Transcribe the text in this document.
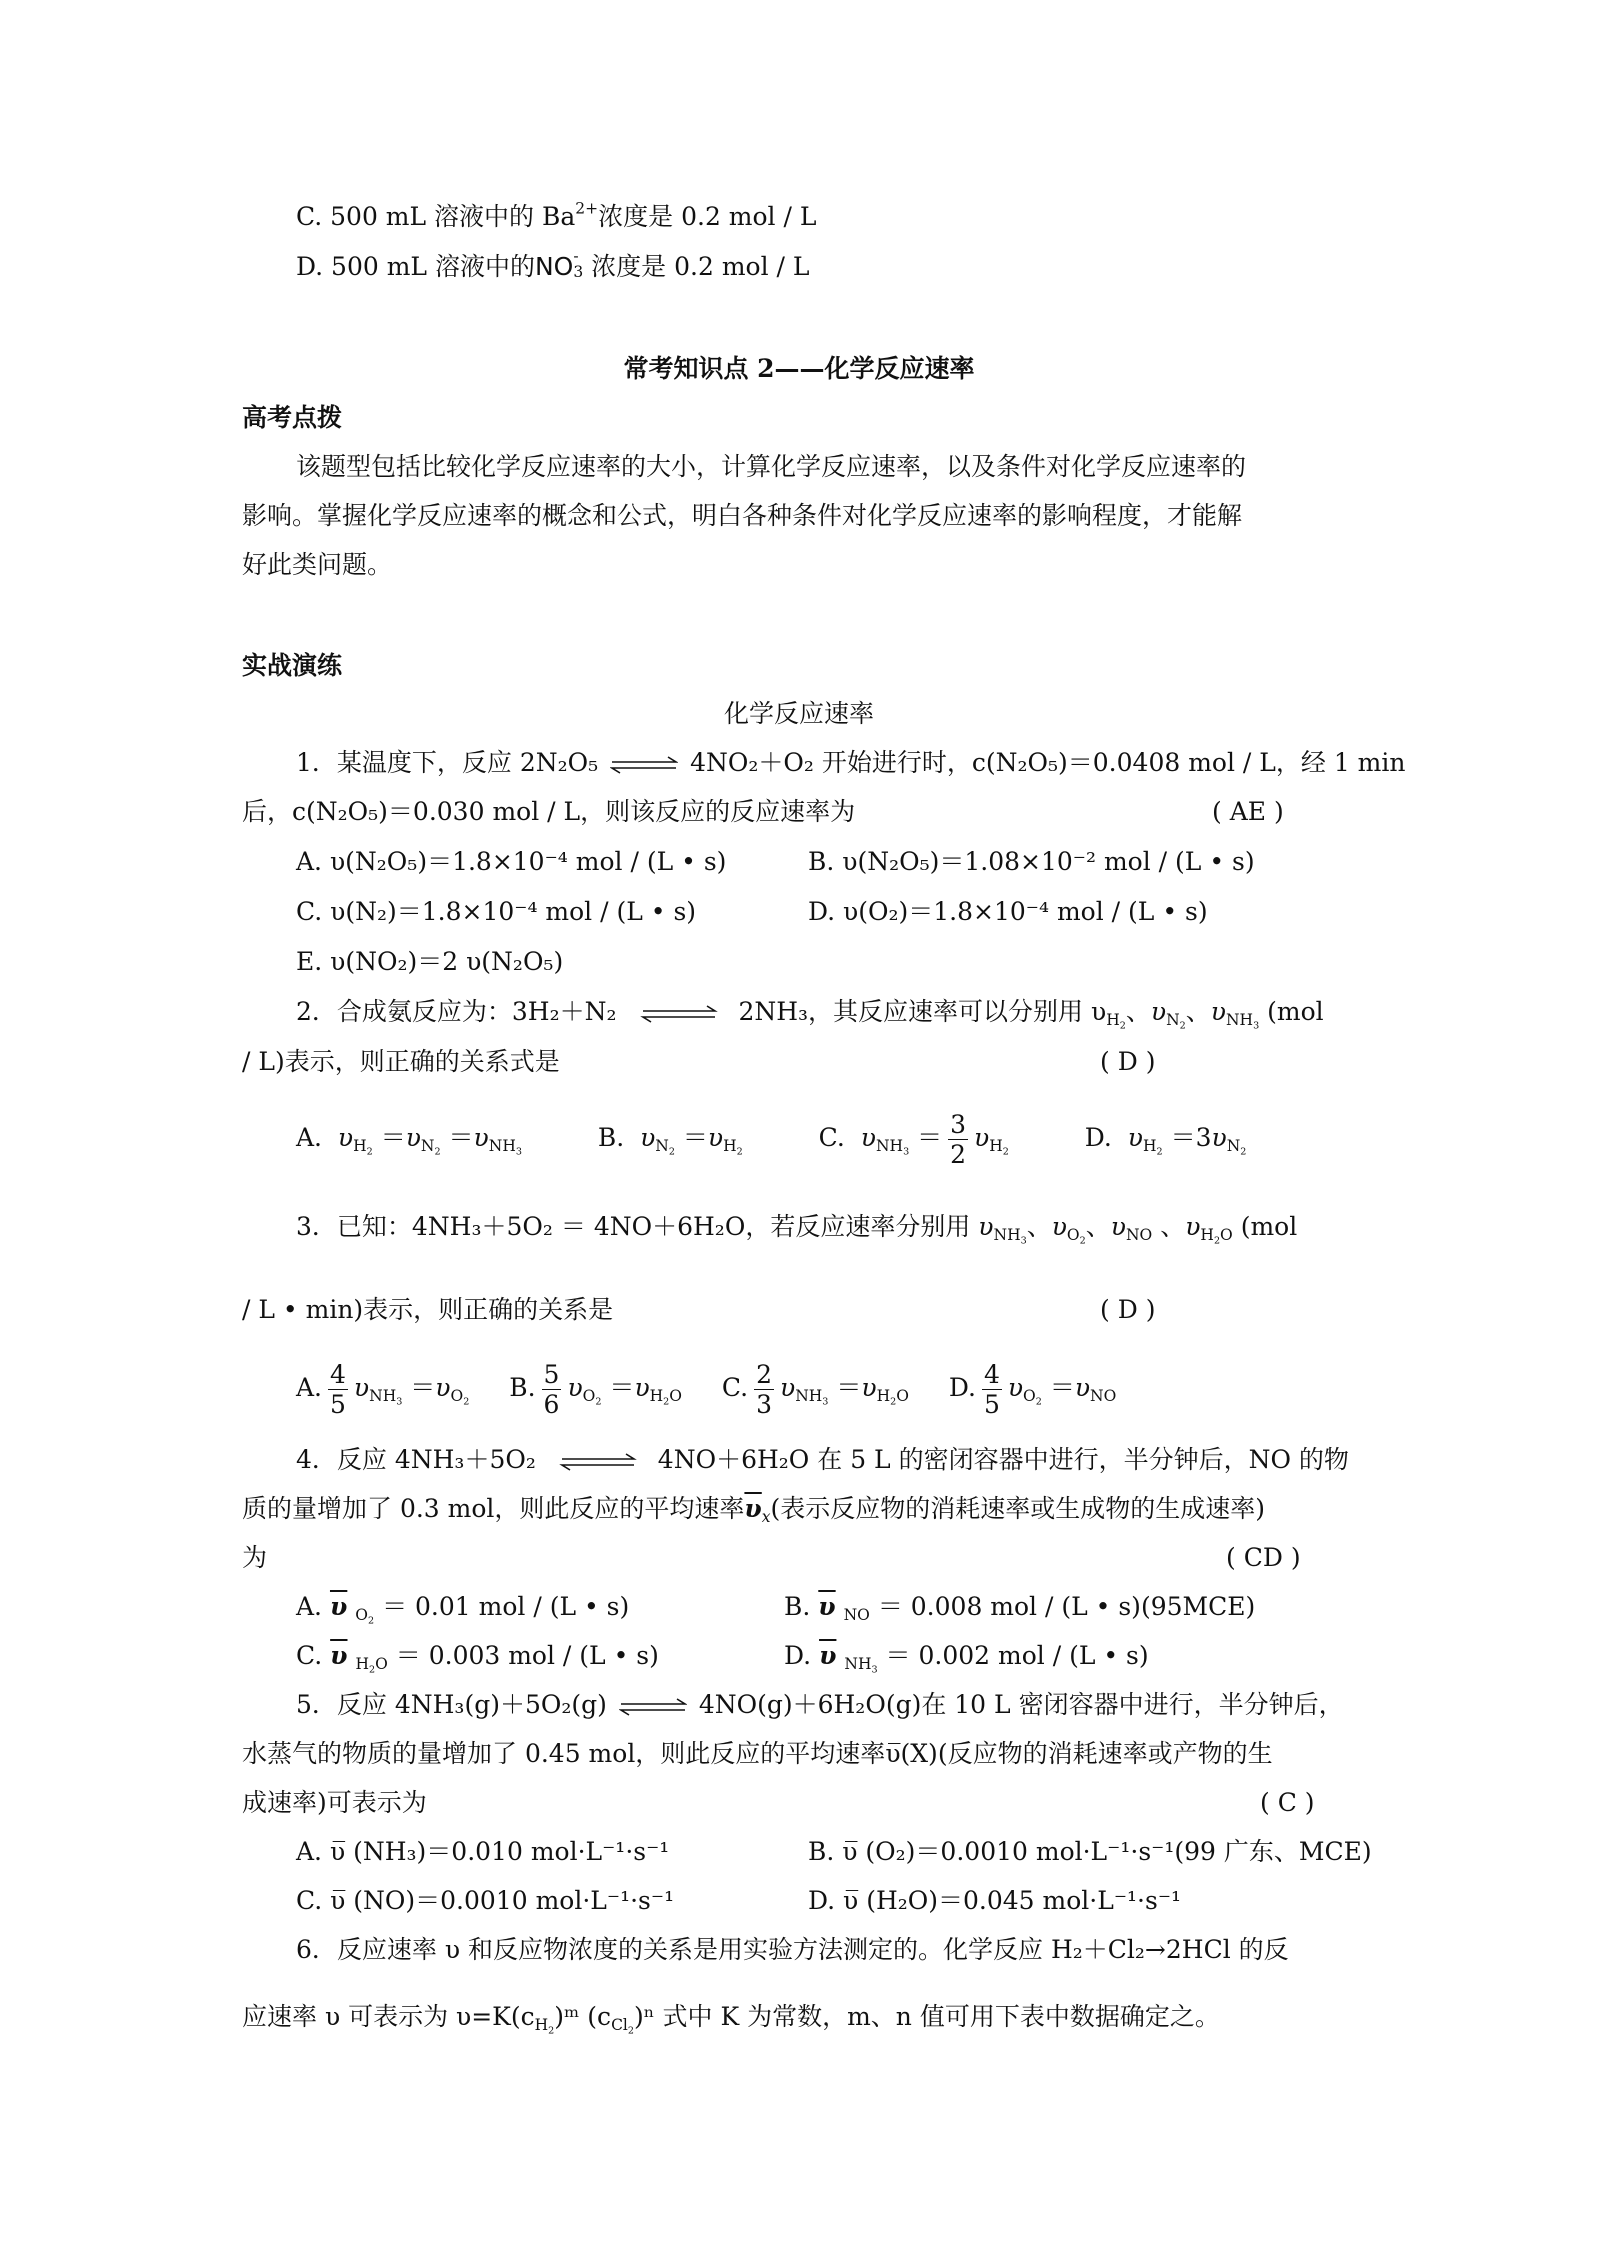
C. 500 mL 溶液中的 $Ba^{2+}$浓度是 0.2 mol / L
D. 500 mL 溶液中的NO -
3 浓度是 0.2 mol / L
常考知识点 2——化学反应速率
高考点拨
该题型包括比较化学反应速率的大小，计算化学反应速率，以及条件对化学反应速率的
影响。掌握化学反应速率的概念和公式，明白各种条件对化学反应速率的影响程度，才能解
好此类问题。
实战演练
化学反应速率
1．某温度下，反应 2N₂O₅ ⇌ 4NO₂＋O₂ 开始进行时，c(N₂O₅)＝0.0408 mol / L，经 1 min
后，c(N₂O₅)＝0.030 mol / L，则该反应的反应速率为	( AE )
A. υ(N₂O₅)＝1.8×10⁻⁴ mol / (L • s)	B. υ(N₂O₅)＝1.08×10⁻² mol / (L • s)
C. υ(N₂)＝1.8×10⁻⁴ mol / (L • s)	D. υ(O₂)＝1.8×10⁻⁴ mol / (L • s)
E. υ(NO₂)＝2 υ(N₂O₅)
2．合成氨反应为：3H₂＋N₂ ⇌ 2NH₃，其反应速率可以分别用 $\upsilon_{H_2}$、$\upsilon_{N_2}$、$\upsilon_{NH_3}$ (mol
/ L)表示，则正确的关系式是	( D )
A. $\upsilon_{H_2} =\upsilon_{N_2} =\upsilon_{NH_3}$  B. $\upsilon_{N_2} =\upsilon_{H_2}$  C. $\upsilon_{NH_3} = \frac{3}{2} \upsilon_{H_2}$  D. $\upsilon_{H_2} =3\upsilon_{N_2}$
3．已知：4NH₃＋5O₂ ＝ 4NO＋6H₂O，若反应速率分别用 $\upsilon_{NH_3}$、$\upsilon_{O_2}$、$\upsilon_{NO}$ 、$\upsilon_{H_2O}$ (mol
/ L • min)表示，则正确的关系是	( D )
A. $\frac{4}{5} \upsilon_{NH_3} =\upsilon_{O_2}$  B. $\frac{5}{6} \upsilon_{O_2} =\upsilon_{H_2O}$ C. $\frac{2}{3} \upsilon_{NH_3} =\upsilon_{H_2O}$ D. $\frac{4}{5} \upsilon_{O_2} =\upsilon_{NO}$
4．反应 4NH₃＋5O₂ ⇌ 4NO＋6H₂O 在 5 L 的密闭容器中进行，半分钟后，NO 的物
质的量增加了 0.3 mol，则此反应的平均速率$\overline{\upsilon}_x$(表示反应物的消耗速率或生成物的生成速率)
为	( CD )
A. $\overline{\upsilon}$ $_{O_2}$ ＝ 0.01 mol / (L • s)	B. $\overline{\upsilon}$ $_{NO}$ ＝ 0.008 mol / (L • s)(95MCE)
C. $\overline{\upsilon}$ $_{H_2O}$ ＝ 0.003 mol / (L • s)	D. $\overline{\upsilon}$ $_{NH_3}$ ＝ 0.002 mol / (L • s)
5．反应 4NH₃(g)＋5O₂(g) ⇌ 4NO(g)＋6H₂O(g)在 10 L 密闭容器中进行，半分钟后，
水蒸气的物质的量增加了 0.45 mol，则此反应的平均速率υ̅(X)(反应物的消耗速率或产物的生
成速率)可表示为	( C )
A. υ̅ (NH₃)＝0.010 mol·L⁻¹·s⁻¹	B. υ̅ (O₂)＝0.0010 mol·L⁻¹·s⁻¹(99 广东、MCE)
C. υ̅ (NO)＝0.0010 mol·L⁻¹·s⁻¹	D. υ̅ (H₂O)＝0.045 mol·L⁻¹·s⁻¹
6．反应速率 υ 和反应物浓度的关系是用实验方法测定的。化学反应 H₂＋Cl₂→2HCl 的反
应速率 υ 可表示为 $\upsilon=K(c_{H_2})ᵐ$ $(c_{Cl_2})^n$ 式中 K 为常数，m、n 值可用下表中数据确定之。
